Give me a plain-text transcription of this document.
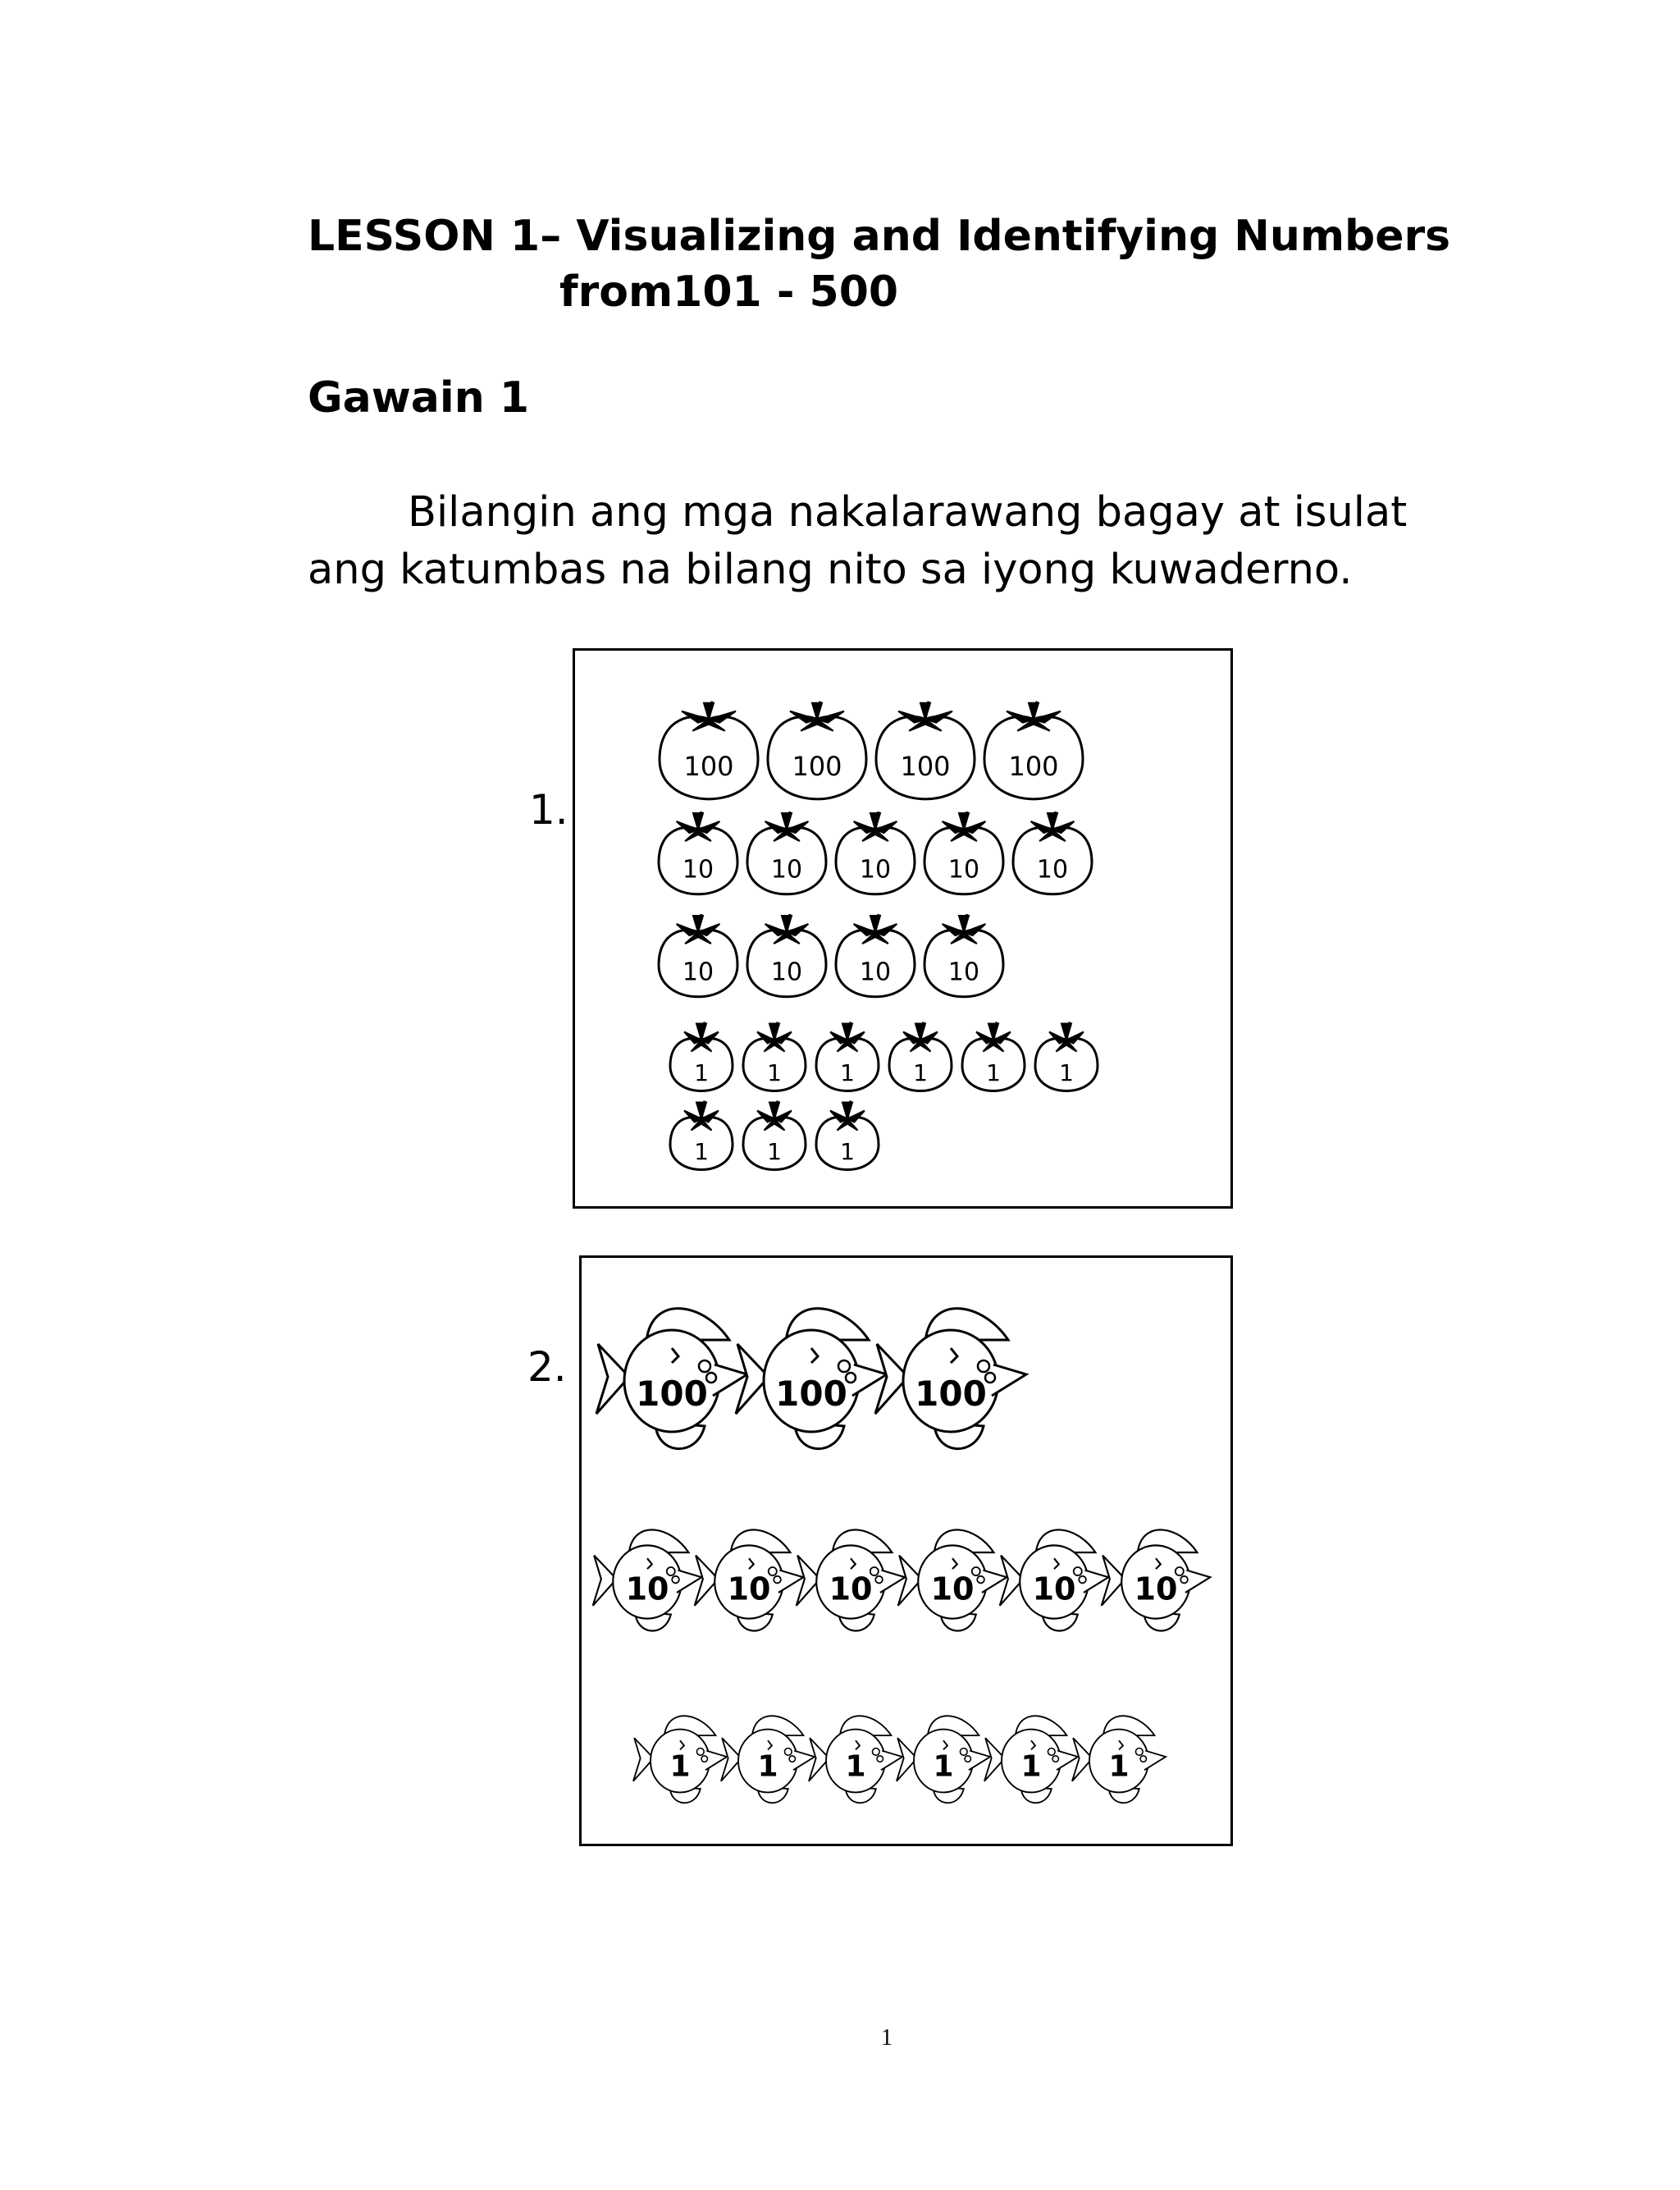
LESSON 1– Visualizing and Identifying Numbers
from101 - 500
Gawain 1
Bilangin ang mga nakalarawang bagay at isulat
ang katumbas na bilang nito sa iyong kuwaderno.
1.
100 100 100 100
10 10 10 10 10
10 10 10 10
1	1	1	1	1	1
1	1	1
2.
100 100 100
10 10 10 10 10 10
1 1 1 1 1 1
1
